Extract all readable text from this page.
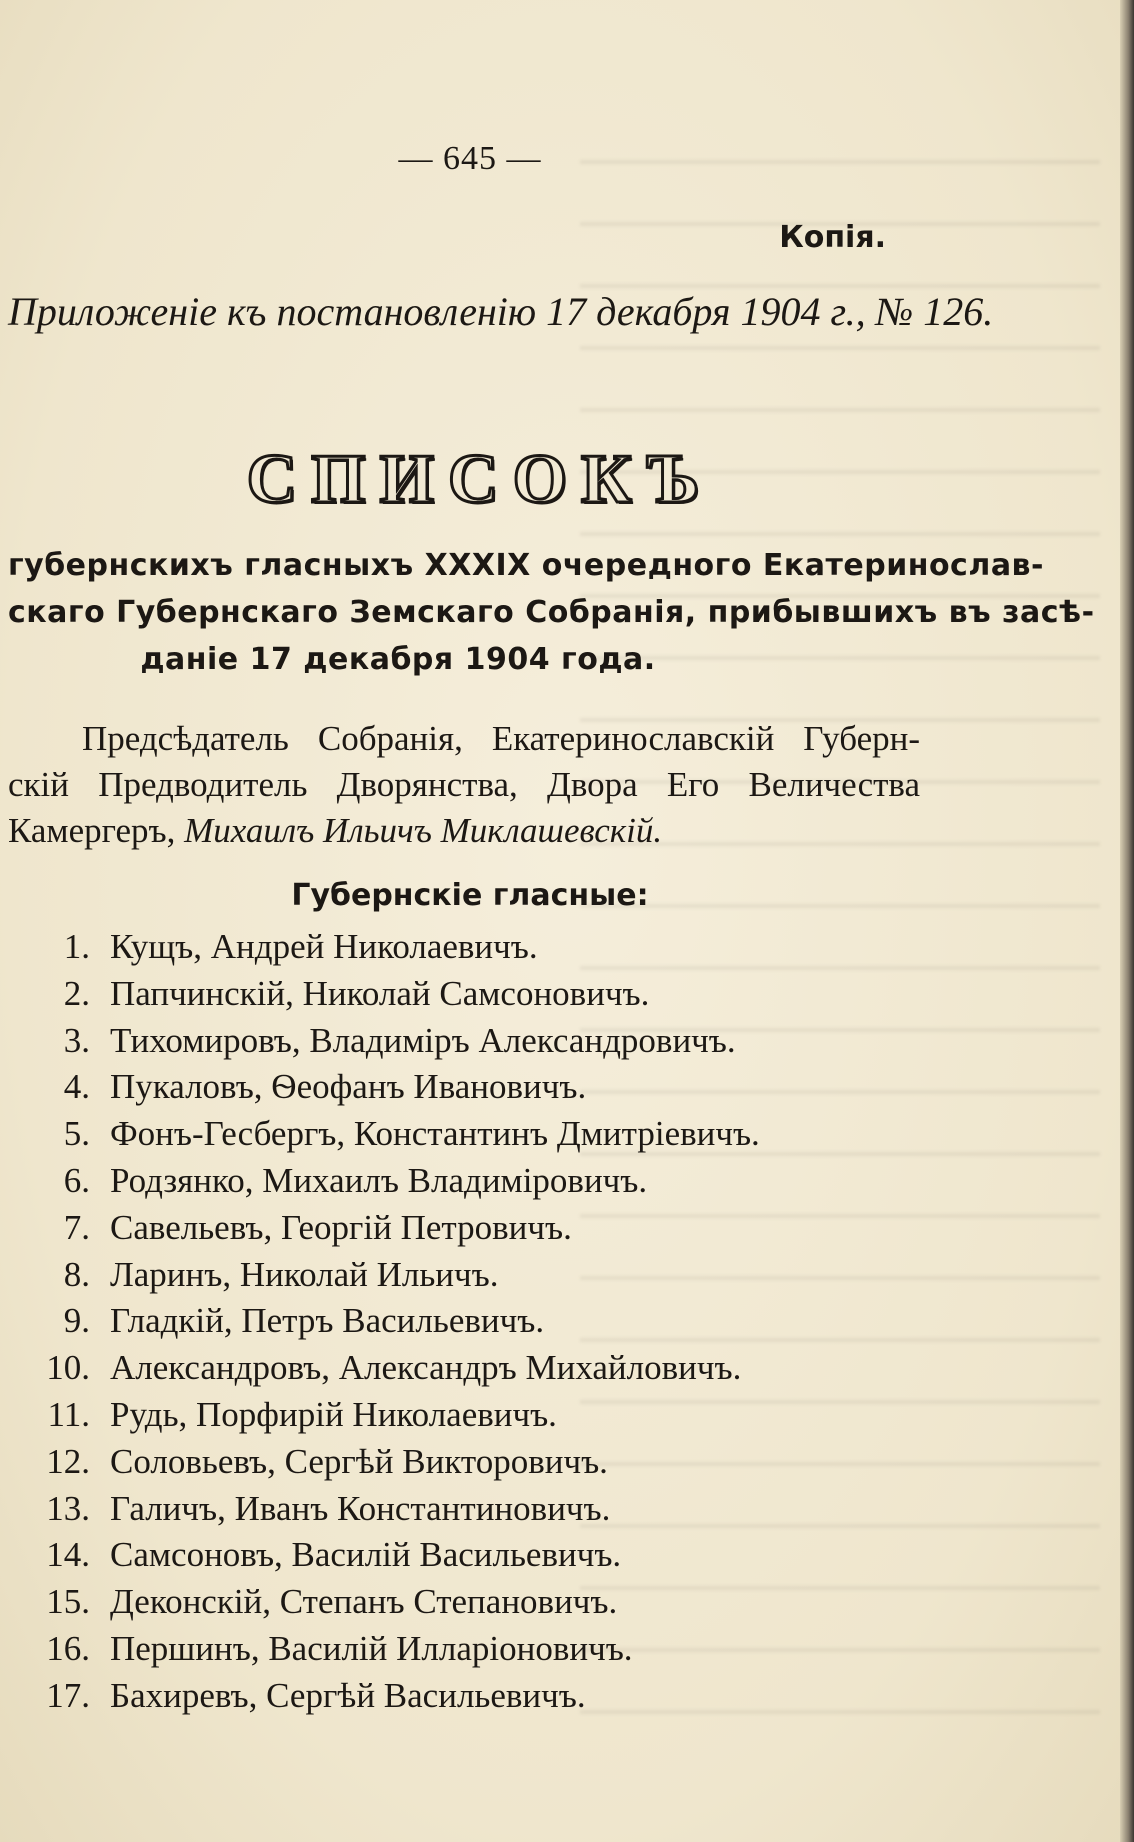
— 645 —
Копія.
Приложеніе къ постановленію 17 декабря 1904 г., № 126.
СПИСОКЪ
губернскихъ гласныхъ XXXIX очередного Екатеринослав-
скаго Губернскаго Земскаго Собранія, прибывшихъ въ засѣ-
даніе 17 декабря 1904 года.
Предсѣдатель Собранія, Екатеринославскій Губерн-
скій Предводитель Дворянства, Двора Его Величества
Камергеръ, Михаилъ Ильичъ Миклашевскій.
Губернскіе гласные:
1. Кущъ, Андрей Николаевичъ.
2. Папчинскій, Николай Самсоновичъ.
3. Тихомировъ, Владиміръ Александровичъ.
4. Пукаловъ, Ѳеофанъ Ивановичъ.
5. Фонъ-Гесбергъ, Константинъ Дмитріевичъ.
6. Родзянко, Михаилъ Владиміровичъ.
7. Савельевъ, Георгій Петровичъ.
8. Ларинъ, Николай Ильичъ.
9. Гладкій, Петръ Васильевичъ.
10. Александровъ, Александръ Михайловичъ.
11. Рудь, Порфирій Николаевичъ.
12. Соловьевъ, Сергѣй Викторовичъ.
13. Галичъ, Иванъ Константиновичъ.
14. Самсоновъ, Василій Васильевичъ.
15. Деконскій, Степанъ Степановичъ.
16. Першинъ, Василій Илларіоновичъ.
17. Бахиревъ, Сергѣй Васильевичъ.
